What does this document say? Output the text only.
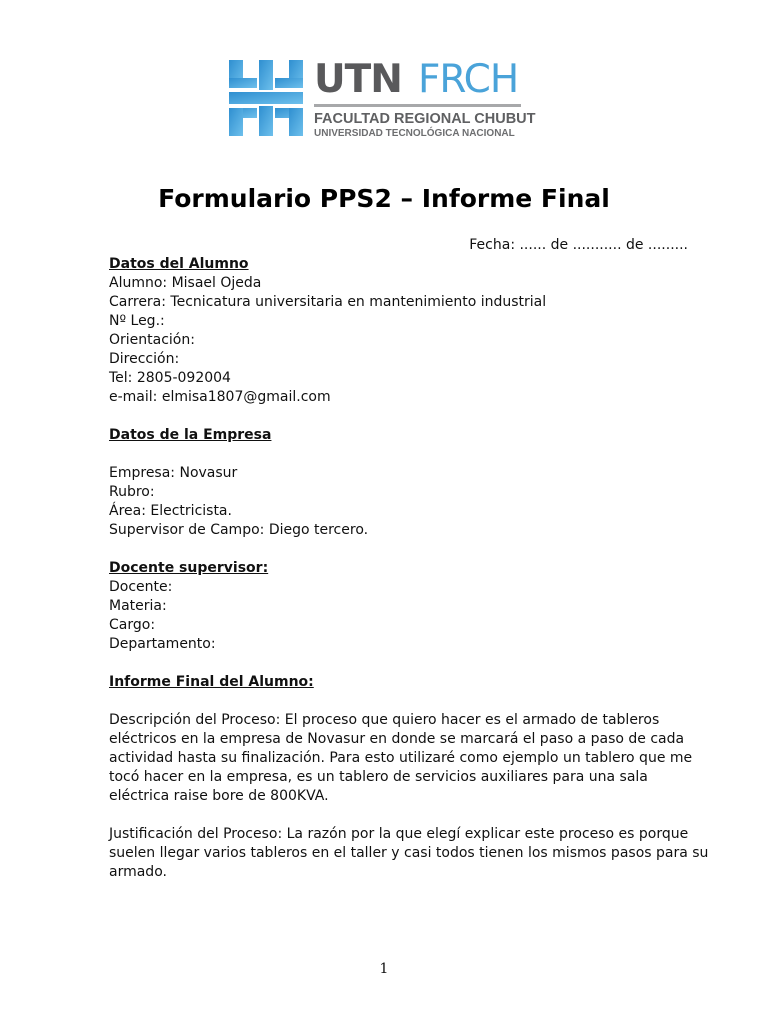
UTN FRCH
FACULTAD REGIONAL CHUBUT
UNIVERSIDAD TECNOLÓGICA NACIONAL
Formulario PPS2 – Informe Final
Fecha: ...... de ........... de .........
Datos del Alumno
Alumno: Misael Ojeda
Carrera: Tecnicatura universitaria en mantenimiento industrial
Nº Leg.:
Orientación:
Dirección:
Tel: 2805-092004
e-mail: elmisa1807@gmail.com
Datos de la Empresa
Empresa: Novasur
Rubro:
Área: Electricista.
Supervisor de Campo: Diego tercero.
Docente supervisor:
Docente:
Materia:
Cargo:
Departamento:
Informe Final del Alumno:
Descripción del Proceso: El proceso que quiero hacer es el armado de tableros
eléctricos en la empresa de Novasur en donde se marcará el paso a paso de cada
actividad hasta su finalización. Para esto utilizaré como ejemplo un tablero que me
tocó hacer en la empresa, es un tablero de servicios auxiliares para una sala
eléctrica raise bore de 800KVA.
Justificación del Proceso: La razón por la que elegí explicar este proceso es porque
suelen llegar varios tableros en el taller y casi todos tienen los mismos pasos para su
armado.
1
